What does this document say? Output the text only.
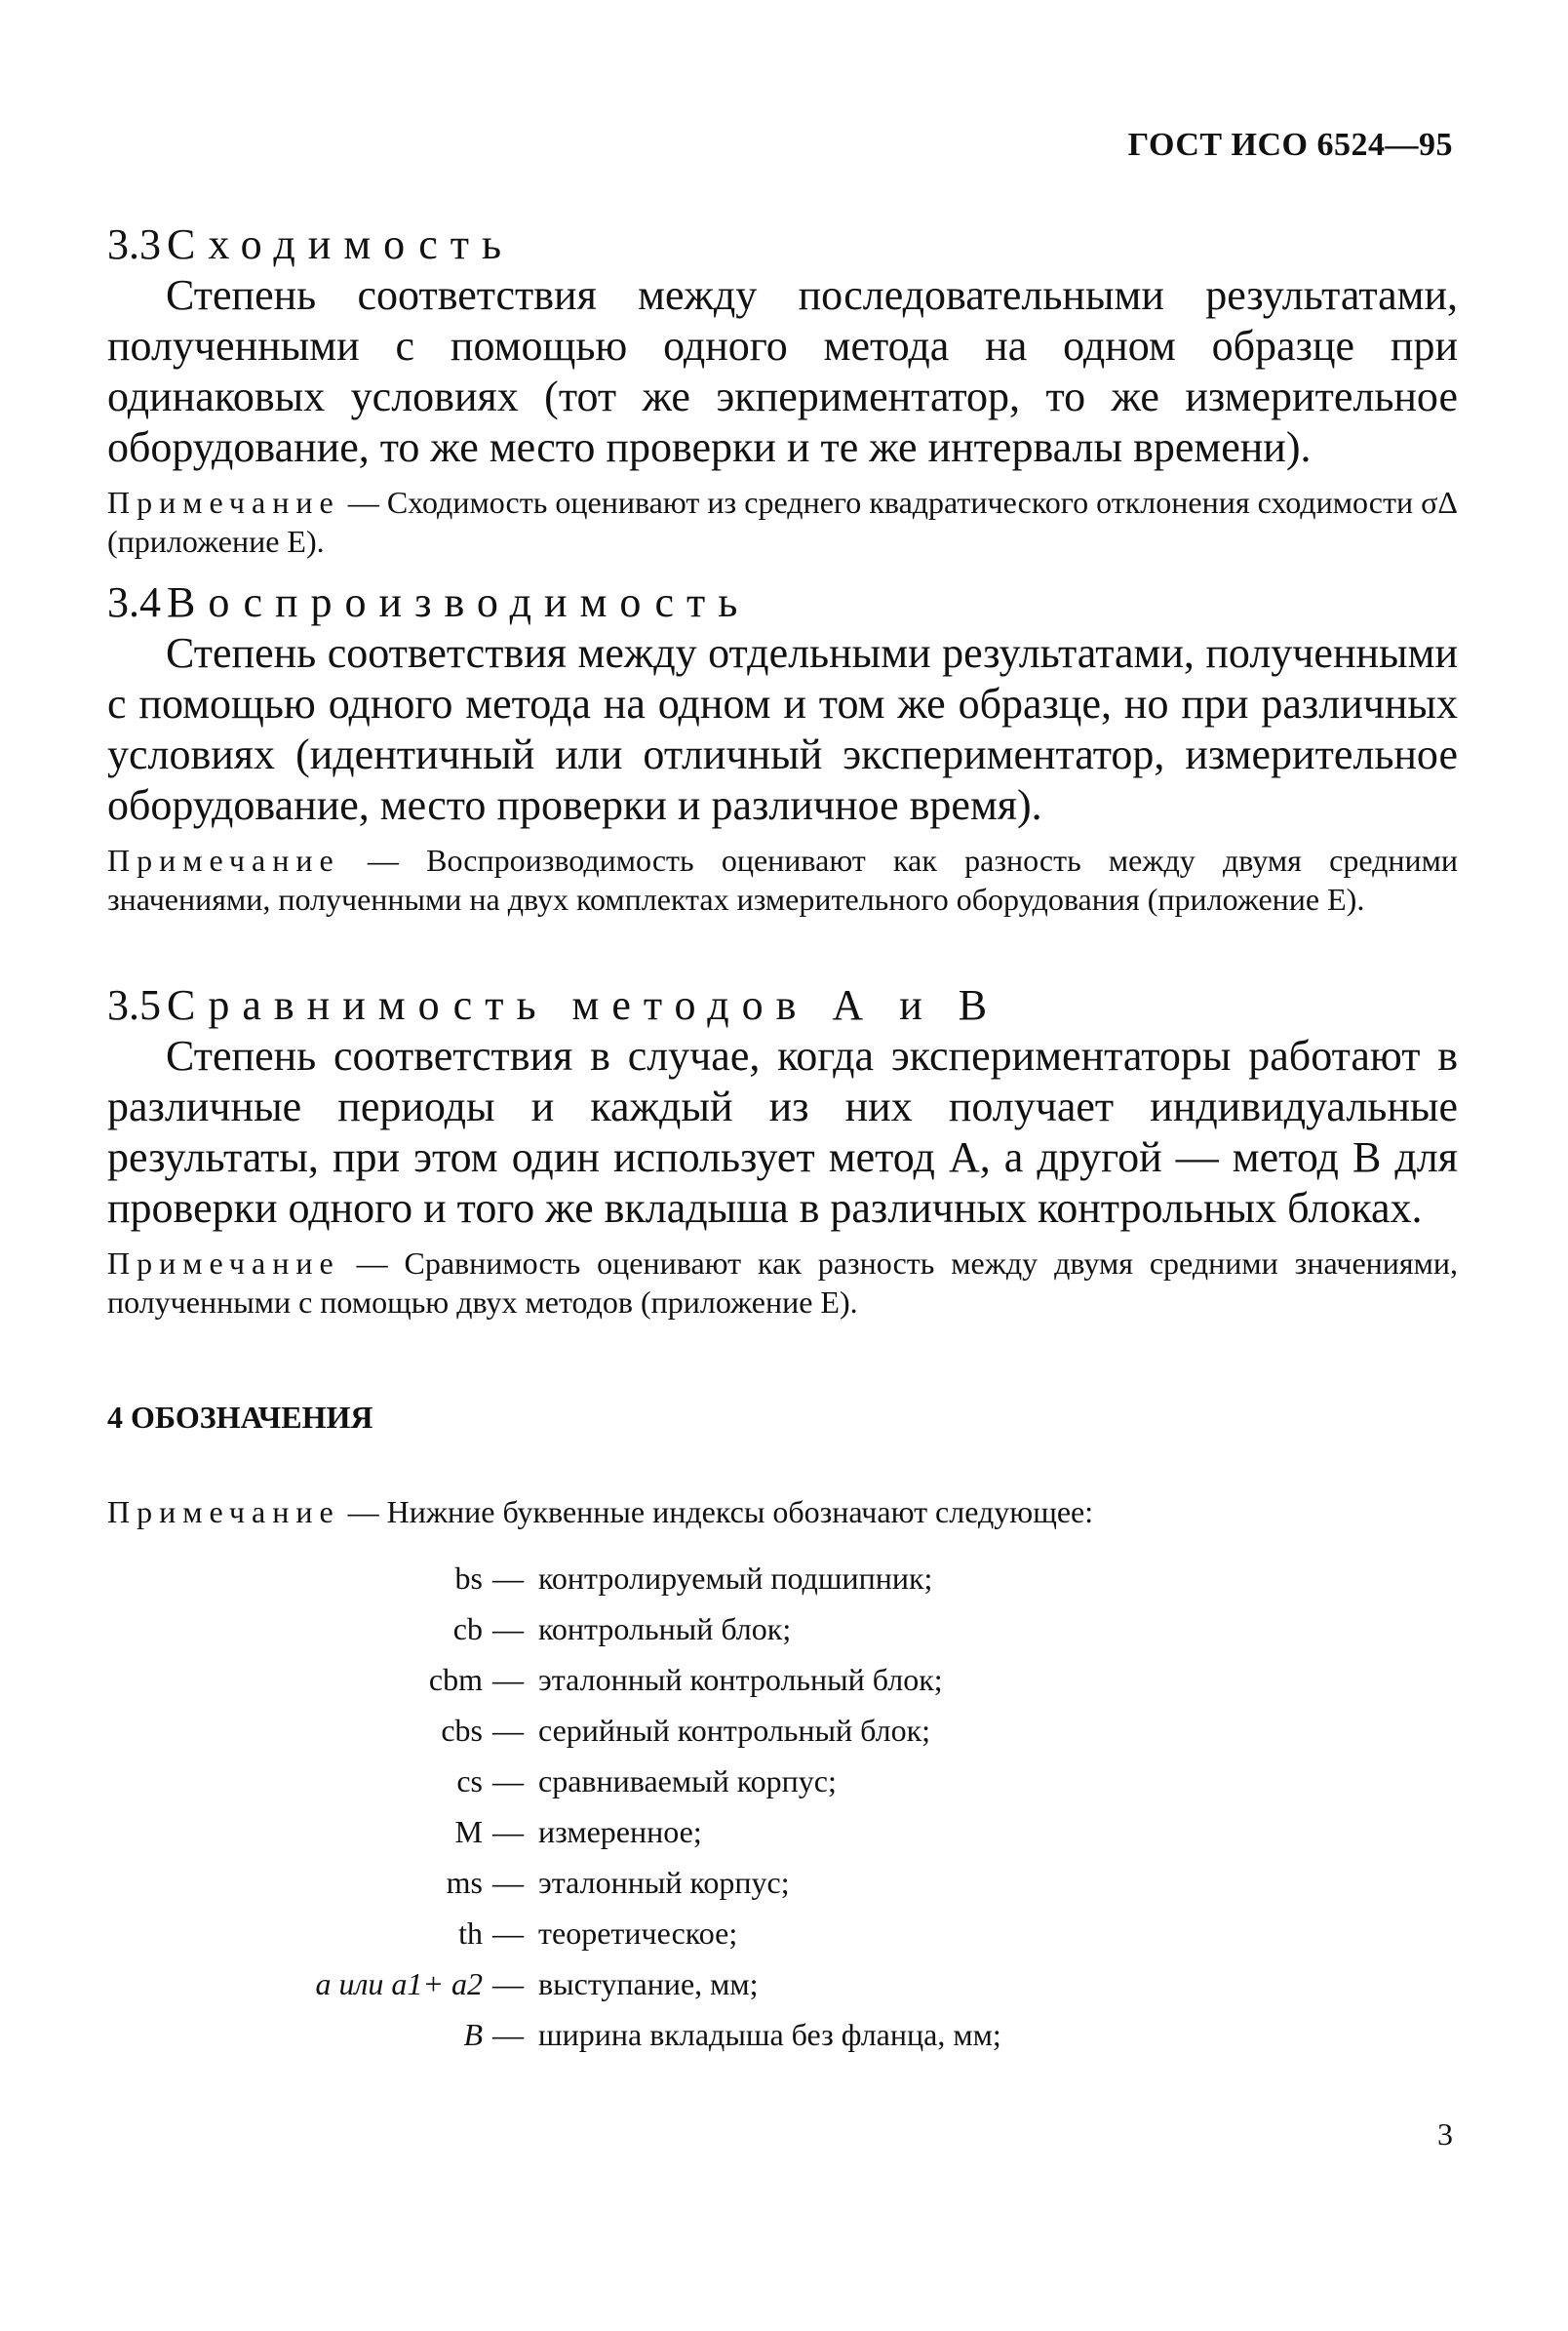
ГОСТ ИСО 6524—95

3.3 Сходимость

Степень соответствия между последовательными результатами, полученными с помощью одного метода на одном образце при одинаковых условиях (тот же экпериментатор, то же измерительное оборудование, то же место проверки и те же интервалы времени).

Примечание — Сходимость оценивают из среднего квадратического отклонения сходимости σΔ (приложение Е).

3.4 Воспроизводимость

Степень соответствия между отдельными результатами, полученными с помощью одного метода на одном и том же образце, но при различных условиях (идентичный или отличный экспериментатор, измерительное оборудование, место проверки и различное время).

Примечание — Воспроизводимость оценивают как разность между двумя средними значениями, полученными на двух комплектах измерительного оборудования (приложение Е).

3.5 Сравнимость методов А и В

Степень соответствия в случае, когда экспериментаторы работают в различные периоды и каждый из них получает индивидуальные результаты, при этом один использует метод А, а другой — метод В для проверки одного и того же вкладыша в различных контрольных блоках.

Примечание — Сравнимость оценивают как разность между двумя средними значениями, полученными с помощью двух методов (приложение Е).

4 ОБОЗНАЧЕНИЯ

Примечание — Нижние буквенные индексы обозначают следующее:

bs — контролируемый подшипник;
cb — контрольный блок;
cbm — эталонный контрольный блок;
cbs — серийный контрольный блок;
cs — сравниваемый корпус;
M — измеренное;
ms — эталонный корпус;
th — теоретическое;
a или a1+ a2 — выступание, мм;
B — ширина вкладыша без фланца, мм;
3
